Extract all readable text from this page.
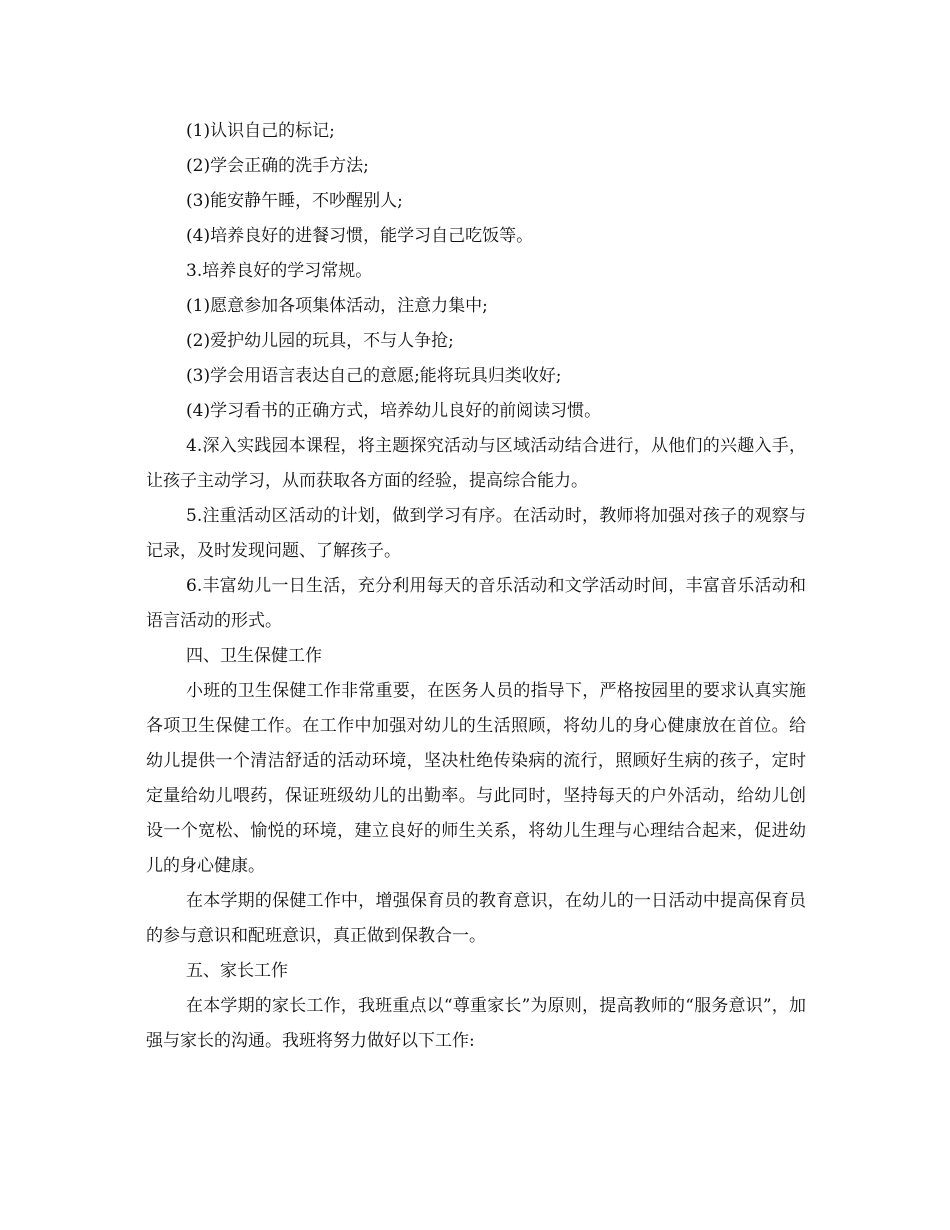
(1)认识自己的标记;

(2)学会正确的洗手方法;

(3)能安静午睡，不吵醒别人;

(4)培养良好的进餐习惯，能学习自己吃饭等。

3.培养良好的学习常规。

(1)愿意参加各项集体活动，注意力集中;

(2)爱护幼儿园的玩具，不与人争抢;

(3)学会用语言表达自己的意愿;能将玩具归类收好;

(4)学习看书的正确方式，培养幼儿良好的前阅读习惯。

4.深入实践园本课程，将主题探究活动与区域活动结合进行，从他们的兴趣入手，让孩子主动学习，从而获取各方面的经验，提高综合能力。

5.注重活动区活动的计划，做到学习有序。在活动时，教师将加强对孩子的观察与记录，及时发现问题、了解孩子。

6.丰富幼儿一日生活，充分利用每天的音乐活动和文学活动时间，丰富音乐活动和语言活动的形式。

四、卫生保健工作

小班的卫生保健工作非常重要，在医务人员的指导下，严格按园里的要求认真实施各项卫生保健工作。在工作中加强对幼儿的生活照顾，将幼儿的身心健康放在首位。给幼儿提供一个清洁舒适的活动环境，坚决杜绝传染病的流行，照顾好生病的孩子，定时定量给幼儿喂药，保证班级幼儿的出勤率。与此同时，坚持每天的户外活动，给幼儿创设一个宽松、愉悦的环境，建立良好的师生关系，将幼儿生理与心理结合起来，促进幼儿的身心健康。

在本学期的保健工作中，增强保育员的教育意识，在幼儿的一日活动中提高保育员的参与意识和配班意识，真正做到保教合一。

五、家长工作

在本学期的家长工作，我班重点以“尊重家长”为原则，提高教师的“服务意识”，加强与家长的沟通。我班将努力做好以下工作:
